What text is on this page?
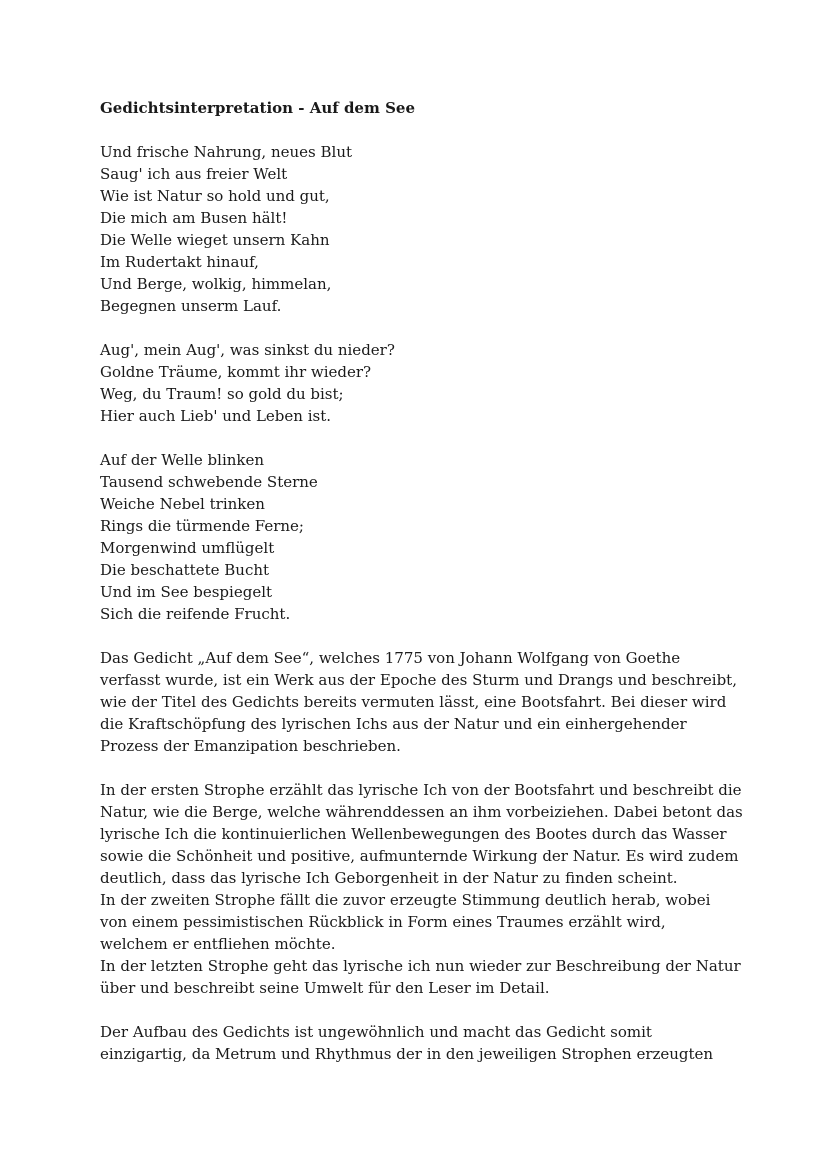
Gedichtsinterpretation - Auf dem See
Und frische Nahrung, neues Blut
Saug' ich aus freier Welt
Wie ist Natur so hold und gut,
Die mich am Busen hält!
Die Welle wieget unsern Kahn
Im Rudertakt hinauf,
Und Berge, wolkig, himmelan,
Begegnen unserm Lauf.
Aug', mein Aug', was sinkst du nieder?
Goldne Träume, kommt ihr wieder?
Weg, du Traum! so gold du bist;
Hier auch Lieb' und Leben ist.
Auf der Welle blinken
Tausend schwebende Sterne
Weiche Nebel trinken
Rings die türmende Ferne;
Morgenwind umflügelt
Die beschattete Bucht
Und im See bespiegelt
Sich die reifende Frucht.
Das Gedicht „Auf dem See“, welches 1775 von Johann Wolfgang von Goethe
verfasst wurde, ist ein Werk aus der Epoche des Sturm und Drangs und beschreibt,
wie der Titel des Gedichts bereits vermuten lässt, eine Bootsfahrt. Bei dieser wird
die Kraftschöpfung des lyrischen Ichs aus der Natur und ein einhergehender
Prozess der Emanzipation beschrieben.
In der ersten Strophe erzählt das lyrische Ich von der Bootsfahrt und beschreibt die
Natur, wie die Berge, welche währenddessen an ihm vorbeiziehen. Dabei betont das
lyrische Ich die kontinuierlichen Wellenbewegungen des Bootes durch das Wasser
sowie die Schönheit und positive, aufmunternde Wirkung der Natur. Es wird zudem
deutlich, dass das lyrische Ich Geborgenheit in der Natur zu finden scheint.
In der zweiten Strophe fällt die zuvor erzeugte Stimmung deutlich herab, wobei
von einem pessimistischen Rückblick in Form eines Traumes erzählt wird,
welchem er entfliehen möchte.
In der letzten Strophe geht das lyrische ich nun wieder zur Beschreibung der Natur
über und beschreibt seine Umwelt für den Leser im Detail.
Der Aufbau des Gedichts ist ungewöhnlich und macht das Gedicht somit
einzigartig, da Metrum und Rhythmus der in den jeweiligen Strophen erzeugten
